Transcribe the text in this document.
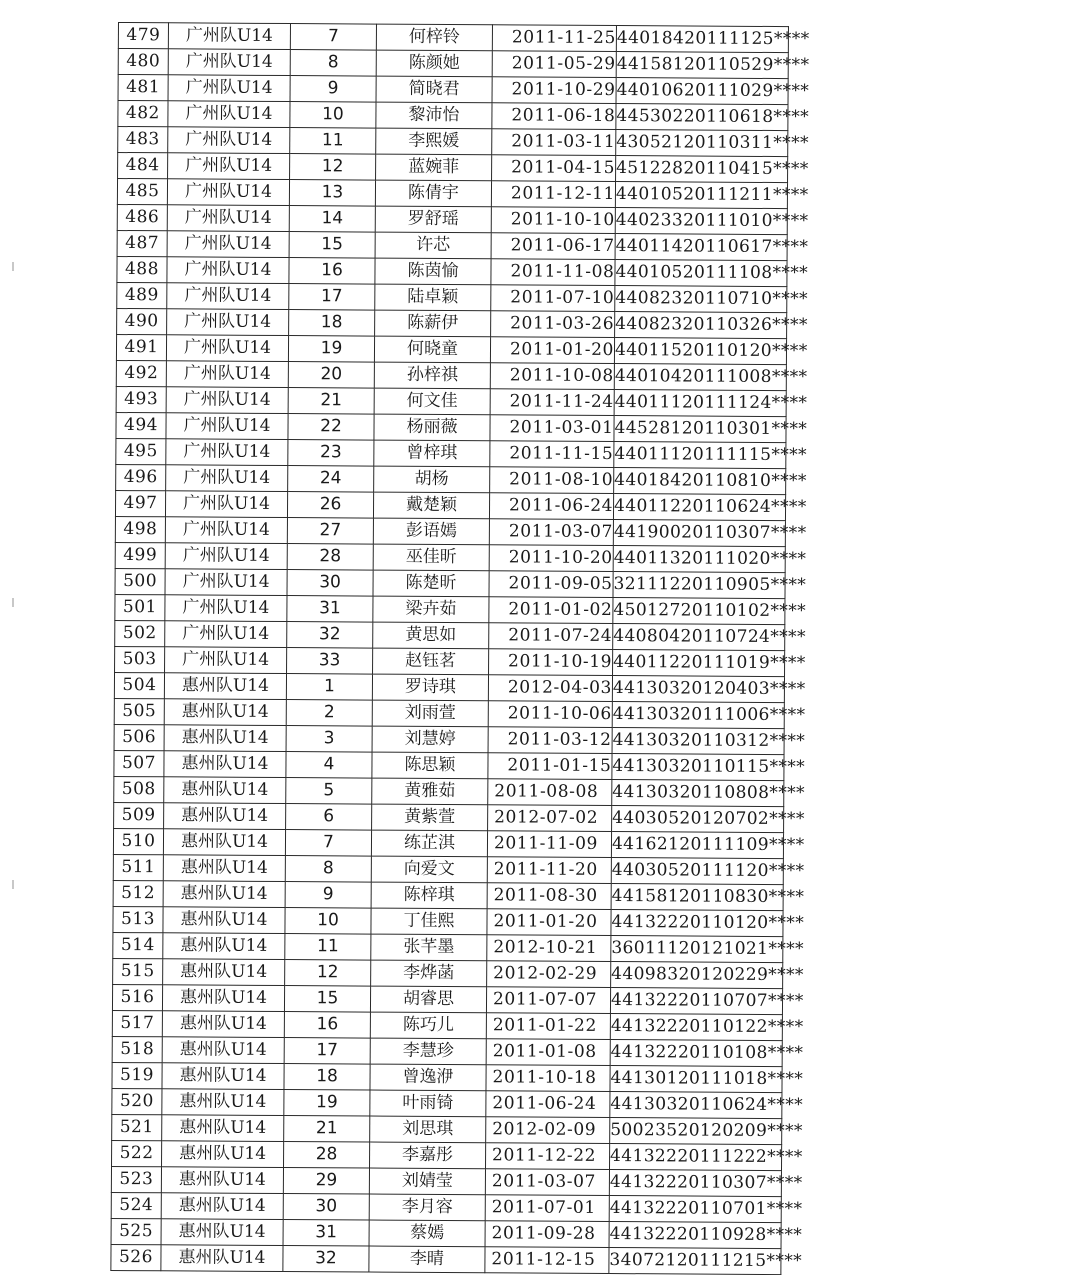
479	广州队U14	7	何梓铃	2011-11-25	44018420111125****
480	广州队U14	8	陈颜她	2011-05-29	44158120110529****
481	广州队U14	9	简晓君	2011-10-29	44010620111029****
482	广州队U14	10	黎沛怡	2011-06-18	44530220110618****
483	广州队U14	11	李熙媛	2011-03-11	43052120110311****
484	广州队U14	12	蓝婉菲	2011-04-15	45122820110415****
485	广州队U14	13	陈倩宇	2011-12-11	44010520111211****
486	广州队U14	14	罗舒瑶	2011-10-10	44023320111010****
487	广州队U14	15	许芯	2011-06-17	44011420110617****
488	广州队U14	16	陈茵愉	2011-11-08	44010520111108****
489	广州队U14	17	陆卓颖	2011-07-10	44082320110710****
490	广州队U14	18	陈薪伊	2011-03-26	44082320110326****
491	广州队U14	19	何晓童	2011-01-20	44011520110120****
492	广州队U14	20	孙梓祺	2011-10-08	44010420111008****
493	广州队U14	21	何文佳	2011-11-24	44011120111124****
494	广州队U14	22	杨丽薇	2011-03-01	44528120110301****
495	广州队U14	23	曾梓琪	2011-11-15	44011120111115****
496	广州队U14	24	胡杨	2011-08-10	44018420110810****
497	广州队U14	26	戴楚颖	2011-06-24	44011220110624****
498	广州队U14	27	彭语嫣	2011-03-07	44190020110307****
499	广州队U14	28	巫佳昕	2011-10-20	44011320111020****
500	广州队U14	30	陈楚昕	2011-09-05	32111220110905****
501	广州队U14	31	梁卉茹	2011-01-02	45012720110102****
502	广州队U14	32	黄思如	2011-07-24	44080420110724****
503	广州队U14	33	赵钰茗	2011-10-19	44011220111019****
504	惠州队U14	1	罗诗琪	2012-04-03	44130320120403****
505	惠州队U14	2	刘雨萱	2011-10-06	44130320111006****
506	惠州队U14	3	刘慧婷	2011-03-12	44130320110312****
507	惠州队U14	4	陈思颖	2011-01-15	44130320110115****
508	惠州队U14	5	黄雅茹	2011-08-08	44130320110808****
509	惠州队U14	6	黄紫萱	2012-07-02	44030520120702****
510	惠州队U14	7	练芷淇	2011-11-09	44162120111109****
511	惠州队U14	8	向爱文	2011-11-20	44030520111120****
512	惠州队U14	9	陈梓琪	2011-08-30	44158120110830****
513	惠州队U14	10	丁佳熙	2011-01-20	44132220110120****
514	惠州队U14	11	张芊墨	2012-10-21	36011120121021****
515	惠州队U14	12	李烨菡	2012-02-29	44098320120229****
516	惠州队U14	15	胡睿思	2011-07-07	44132220110707****
517	惠州队U14	16	陈巧儿	2011-01-22	44132220110122****
518	惠州队U14	17	李慧珍	2011-01-08	44132220110108****
519	惠州队U14	18	曾逸洢	2011-10-18	44130120111018****
520	惠州队U14	19	叶雨锜	2011-06-24	44130320110624****
521	惠州队U14	21	刘思琪	2012-02-09	50023520120209****
522	惠州队U14	28	李嘉彤	2011-12-22	44132220111222****
523	惠州队U14	29	刘婧莹	2011-03-07	44132220110307****
524	惠州队U14	30	李月容	2011-07-01	44132220110701****
525	惠州队U14	31	蔡嫣	2011-09-28	44132220110928****
526	惠州队U14	32	李晴	2011-12-15	34072120111215****
